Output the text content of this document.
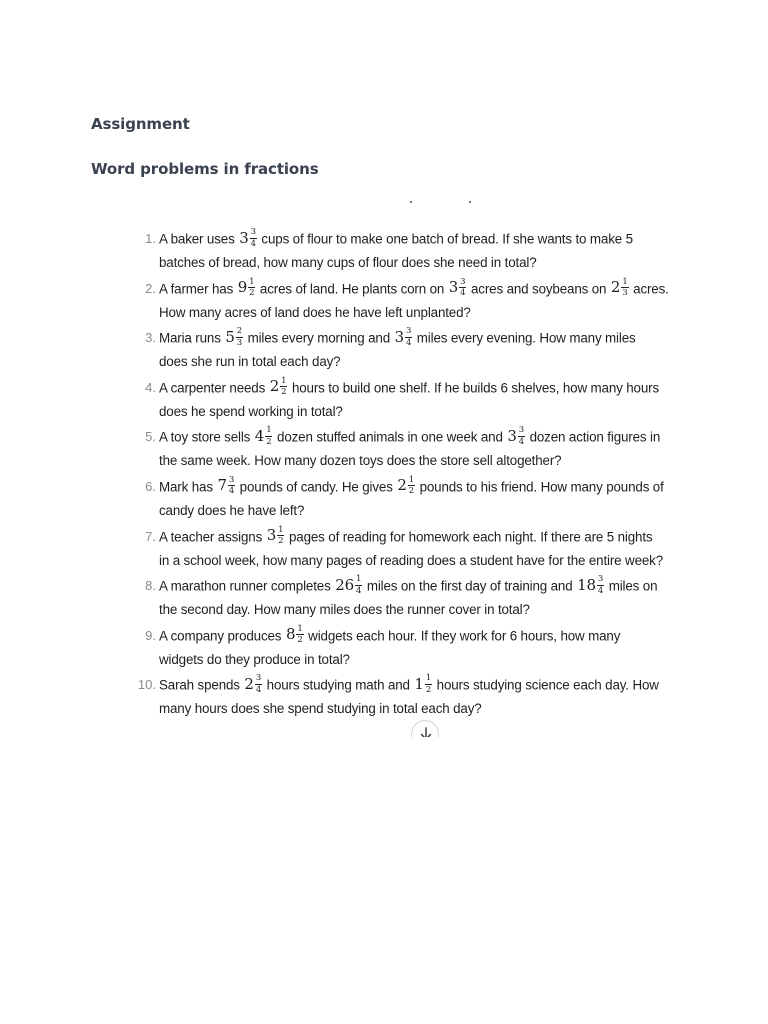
Assignment
Word problems in fractions
1. A baker uses $3 \frac{3}{4}$ cups of flour to make one batch of bread. If she wants to make 5
batches of bread, how many cups of flour does she need in total?
2. A farmer has $9 \frac{1}{2}$ acres of land. He plants corn on $3 \frac{3}{4}$ acres and soybeans on $2 \frac{1}{3}$ acres.
How many acres of land does he have left unplanted?
3. Maria runs $5 \frac{2}{3}$ miles every morning and $3 \frac{3}{4}$ miles every evening. How many miles
does she run in total each day?
4. A carpenter needs $2 \frac{1}{2}$ hours to build one shelf. If he builds 6 shelves, how many hours
does he spend working in total?
5. A toy store sells $4 \frac{1}{2}$ dozen stuffed animals in one week and $3 \frac{3}{4}$ dozen action figures in
the same week. How many dozen toys does the store sell altogether?
6. Mark has $7 \frac{3}{4}$ pounds of candy. He gives $2 \frac{1}{2}$ pounds to his friend. How many pounds of
candy does he have left?
7. A teacher assigns $3 \frac{1}{2}$ pages of reading for homework each night. If there are 5 nights
in a school week, how many pages of reading does a student have for the entire week?
8. A marathon runner completes $26 \frac{1}{4}$ miles on the first day of training and $18 \frac{3}{4}$ miles on
the second day. How many miles does the runner cover in total?
9. A company produces $8 \frac{1}{2}$ widgets each hour. If they work for 6 hours, how many
widgets do they produce in total?
10. Sarah spends $2 \frac{3}{4}$ hours studying math and $1 \frac{1}{2}$ hours studying science each day. How
many hours does she spend studying in total each day?
